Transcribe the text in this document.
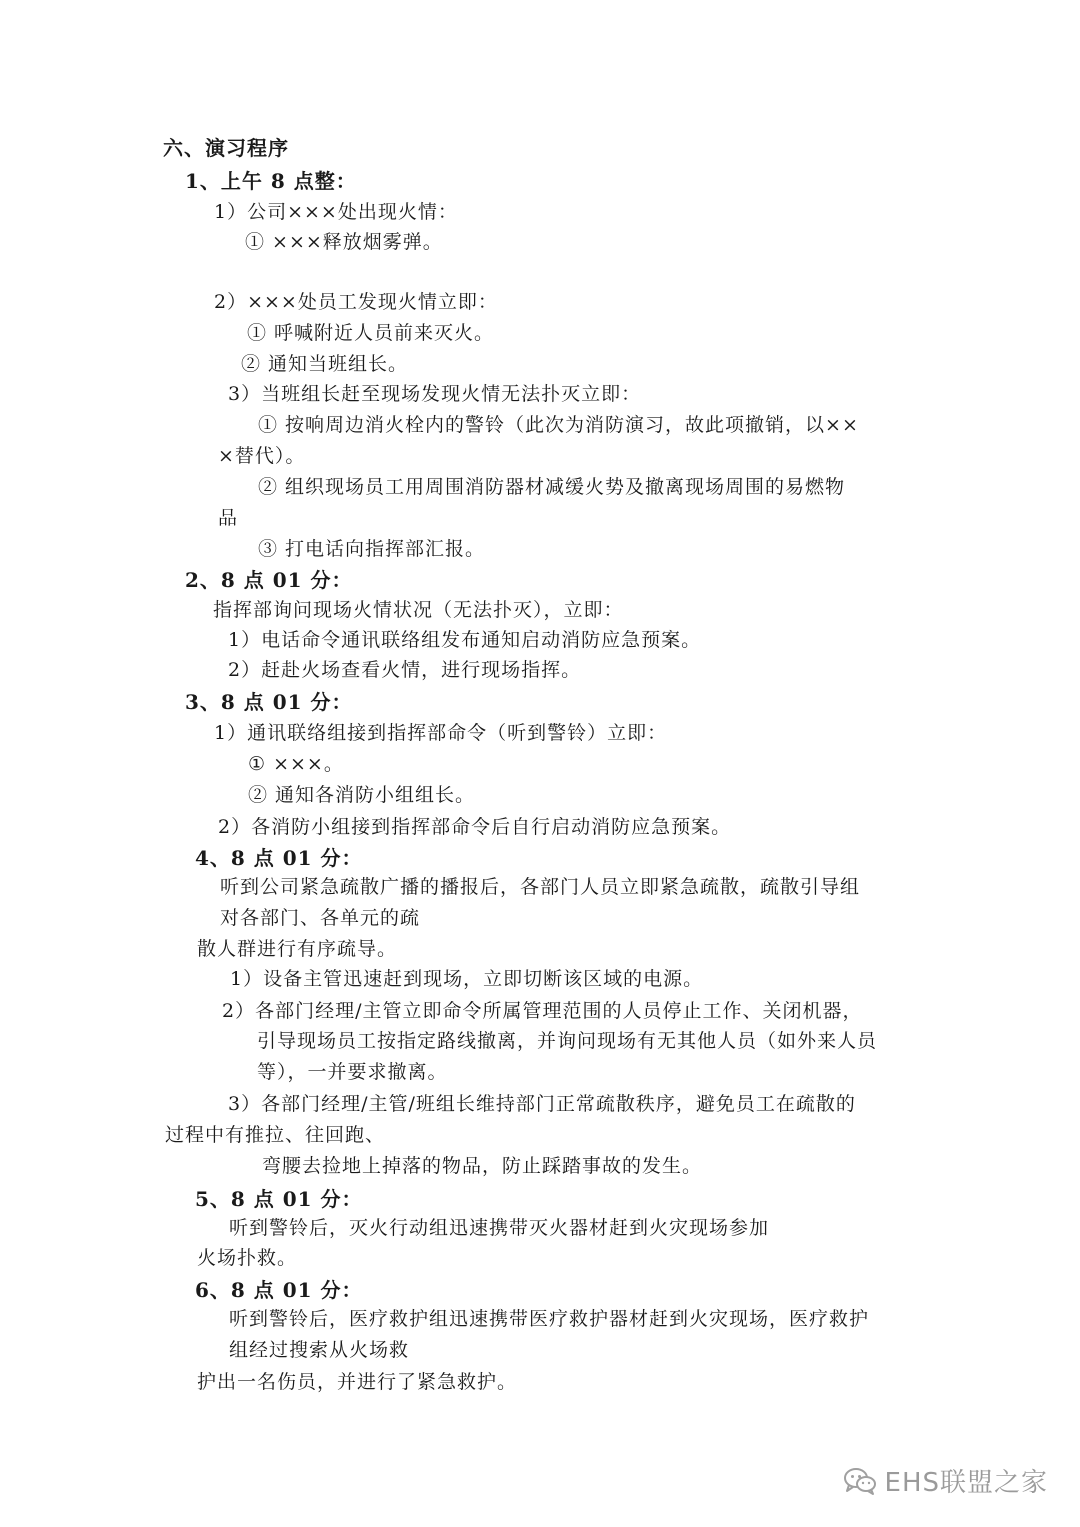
六、演习程序
1、上午 8 点整：
1）公司×××处出现火情：
① ×××释放烟雾弹。
2）×××处员工发现火情立即：
① 呼喊附近人员前来灭火。
② 通知当班组长。
3）当班组长赶至现场发现火情无法扑灭立即：
① 按响周边消火栓内的警铃（此次为消防演习，故此项撤销，以××
×替代）。
② 组织现场员工用周围消防器材减缓火势及撤离现场周围的易燃物
品
③ 打电话向指挥部汇报。
2、8 点 01 分：
指挥部询问现场火情状况（无法扑灭），立即：
1）电话命令通讯联络组发布通知启动消防应急预案。
2）赶赴火场查看火情，进行现场指挥。
3、8 点 01 分：
1）通讯联络组接到指挥部命令（听到警铃）立即：
① ×××。
② 通知各消防小组组长。
2）各消防小组接到指挥部命令后自行启动消防应急预案。
4、8 点 01 分：
听到公司紧急疏散广播的播报后，各部门人员立即紧急疏散，疏散引导组
对各部门、各单元的疏
散人群进行有序疏导。
1）设备主管迅速赶到现场，立即切断该区域的电源。
2）各部门经理/主管立即命令所属管理范围的人员停止工作、关闭机器，
引导现场员工按指定路线撤离，并询问现场有无其他人员（如外来人员
等），一并要求撤离。
3）各部门经理/主管/班组长维持部门正常疏散秩序，避免员工在疏散的
过程中有推拉、往回跑、
弯腰去捡地上掉落的物品，防止踩踏事故的发生。
5、8 点 01 分：
听到警铃后，灭火行动组迅速携带灭火器材赶到火灾现场参加
火场扑救。
6、8 点 01 分：
听到警铃后，医疗救护组迅速携带医疗救护器材赶到火灾现场，医疗救护
组经过搜索从火场救
护出一名伤员，并进行了紧急救护。
EHS联盟之家
